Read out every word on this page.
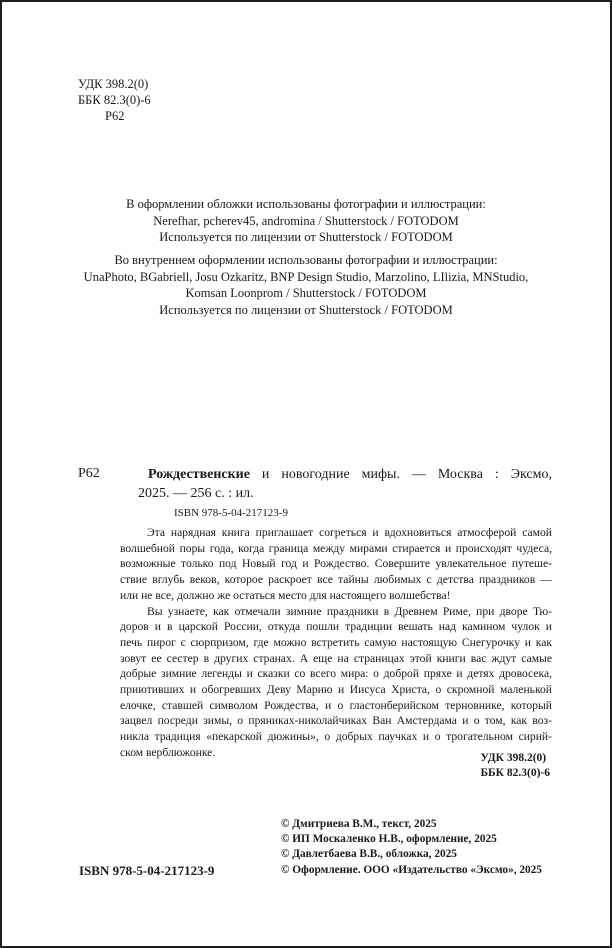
УДК 398.2(0)
ББК 82.3(0)-6
Р62
В оформлении обложки использованы фотографии и иллюстрации:
Nerefhar, pcherev45, andromina / Shutterstock / FOTODOM
Используется по лицензии от Shutterstock / FOTODOM
Во внутреннем оформлении использованы фотографии и иллюстрации:
UnaPhoto, BGabriell, Josu Ozkaritz, BNP Design Studio, Marzolino, LIlizia, MNStudio,
Komsan Loonprom / Shutterstock / FOTODOM
Используется по лицензии от Shutterstock / FOTODOM
Р62	Рождественские и новогодние мифы. — Москва : Эксмо,
2025. — 256 с. : ил.
ISBN 978-5-04-217123-9
Эта нарядная книга приглашает согреться и вдохновиться атмосферой самой
волшебной поры года, когда граница между мирами стирается и происходят чудеса,
возможные только под Новый год и Рождество. Совершите увлекательное путеше-
ствие вглубь веков, которое раскроет все тайны любимых с детства праздников —
или не все, должно же остаться место для настоящего волшебства!
Вы узнаете, как отмечали зимние праздники в Древнем Риме, при дворе Тю-
доров и в царской России, откуда пошли традиции вешать над камином чулок и
печь пирог с сюрпризом, где можно встретить самую настоящую Снегурочку и как
зовут ее сестер в других странах. А еще на страницах этой книги вас ждут самые
добрые зимние легенды и сказки со всего мира: о доброй пряхе и детях дровосека,
приютивших и обогревших Деву Марию и Иисуса Христа, о скромной маленькой
елочке, ставшей символом Рождества, и о гластонберийском терновнике, который
зацвел посреди зимы, о пряниках-николайчиках Ван Амстердама и о том, как воз-
никла традиция «пекарской дюжины», о добрых паучках и о трогательном сирий-
ском верблюжонке.	УДК 398.2(0)
ББК 82.3(0)-6
© Дмитриева В.М., текст, 2025
© ИП Москаленко Н.В., оформление, 2025
© Давлетбаева В.В., обложка, 2025
© Оформление. ООО «Издательство «Эксмо», 2025
ISBN 978-5-04-217123-9
